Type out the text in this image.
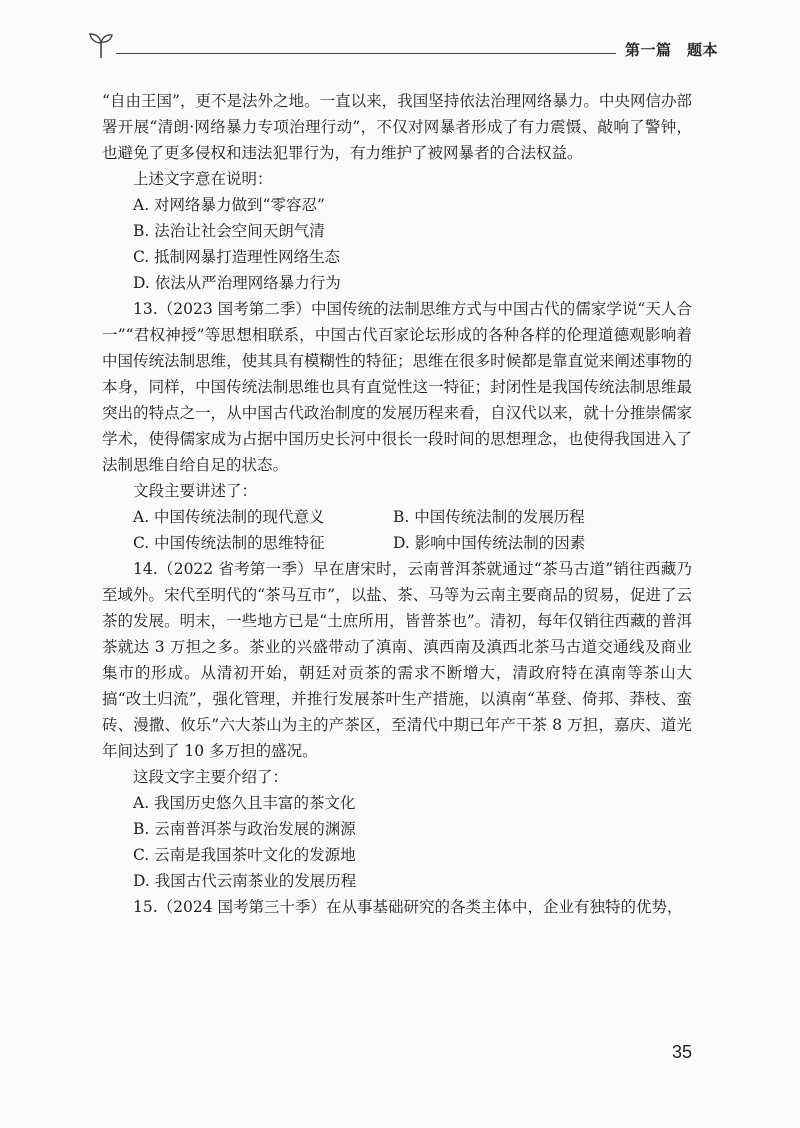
第一篇　题本

“自由王国”，更不是法外之地。一直以来，我国坚持依法治理网络暴力。中央网信办部署开展“清朗·网络暴力专项治理行动”，不仅对网暴者形成了有力震慑、敲响了警钟，也避免了更多侵权和违法犯罪行为，有力维护了被网暴者的合法权益。

上述文字意在说明：

A. 对网络暴力做到“零容忍”

B. 法治让社会空间天朗气清

C. 抵制网暴打造理性网络生态

D. 依法从严治理网络暴力行为

13.（2023 国考第二季）中国传统的法制思维方式与中国古代的儒家学说“天人合一”“君权神授”等思想相联系，中国古代百家论坛形成的各种各样的伦理道德观影响着中国传统法制思维，使其具有模糊性的特征；思维在很多时候都是靠直觉来阐述事物的本身，同样，中国传统法制思维也具有直觉性这一特征；封闭性是我国传统法制思维最突出的特点之一，从中国古代政治制度的发展历程来看，自汉代以来，就十分推崇儒家学术，使得儒家成为占据中国历史长河中很长一段时间的思想理念，也使得我国进入了法制思维自给自足的状态。

文段主要讲述了：

A. 中国传统法制的现代意义	B. 中国传统法制的发展历程
C. 中国传统法制的思维特征	D. 影响中国传统法制的因素

14.（2022 省考第一季）早在唐宋时，云南普洱茶就通过“茶马古道”销往西藏乃至域外。宋代至明代的“茶马互市”，以盐、茶、马等为云南主要商品的贸易，促进了云茶的发展。明末，一些地方已是“土庶所用，皆普茶也”。清初，每年仅销往西藏的普洱茶就达 3 万担之多。茶业的兴盛带动了滇南、滇西南及滇西北茶马古道交通线及商业集市的形成。从清初开始，朝廷对贡茶的需求不断增大，清政府特在滇南等茶山大搞“改土归流”，强化管理，并推行发展茶叶生产措施，以滇南“革登、倚邦、莽枝、蛮砖、漫撒、攸乐”六大茶山为主的产茶区，至清代中期已年产干茶 8 万担，嘉庆、道光年间达到了 10 多万担的盛况。

这段文字主要介绍了：

A. 我国历史悠久且丰富的茶文化

B. 云南普洱茶与政治发展的渊源

C. 云南是我国茶叶文化的发源地

D. 我国古代云南茶业的发展历程

15.（2024 国考第三十季）在从事基础研究的各类主体中，企业有独特的优势，

35
